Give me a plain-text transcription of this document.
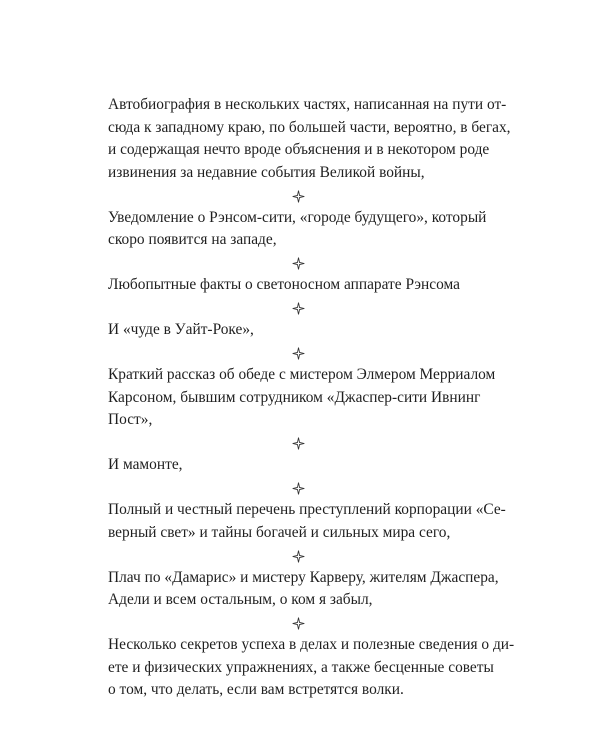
Автобиография в нескольких частях, написанная на пути от-
сюда к западному краю, по большей части, вероятно, в бегах,
и содержащая нечто вроде объяснения и в некотором роде
извинения за недавние события Великой войны,
Уведомление о Рэнсом-сити, «городе будущего», который
скоро появится на западе,
Любопытные факты о светоносном аппарате Рэнсома
И «чуде в Уайт-Роке»,
Краткий рассказ об обеде с мистером Элмером Мерриалом
Карсоном, бывшим сотрудником «Джаспер-сити Ивнинг
Пост»,
И мамонте,
Полный и честный перечень преступлений корпорации «Се-
верный свет» и тайны богачей и сильных мира сего,
Плач по «Дамарис» и мистеру Карверу, жителям Джаспера,
Адели и всем остальным, о ком я забыл,
Несколько секретов успеха в делах и полезные сведения о ди-
ете и физических упражнениях, а также бесценные советы
о том, что делать, если вам встретятся волки.
